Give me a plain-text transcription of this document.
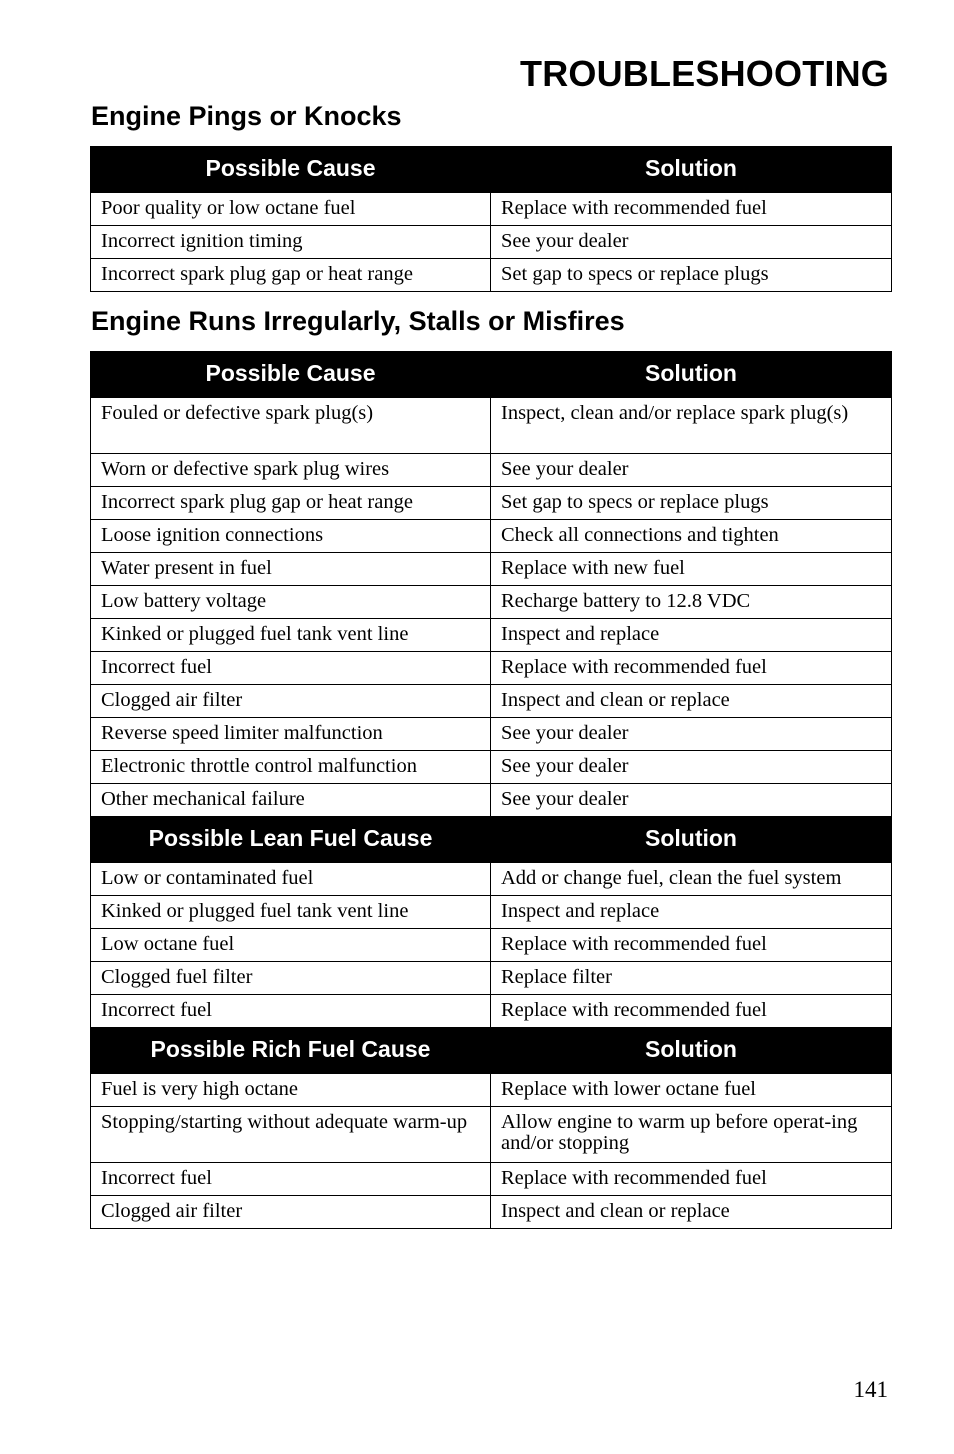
TROUBLESHOOTING
Engine Pings or Knocks
Possible Cause	Solution
Poor quality or low octane fuel	Replace with recommended fuel
Incorrect ignition timing	See your dealer
Incorrect spark plug gap or heat range	Set gap to specs or replace plugs
Engine Runs Irregularly, Stalls or Misfires
Possible Cause	Solution
Fouled or defective spark plug(s)	Inspect, clean and/or replace spark plug(s)
Worn or defective spark plug wires	See your dealer
Incorrect spark plug gap or heat range	Set gap to specs or replace plugs
Loose ignition connections	Check all connections and tighten
Water present in fuel	Replace with new fuel
Low battery voltage	Recharge battery to 12.8 VDC
Kinked or plugged fuel tank vent line	Inspect and replace
Incorrect fuel	Replace with recommended fuel
Clogged air filter	Inspect and clean or replace
Reverse speed limiter malfunction	See your dealer
Electronic throttle control malfunction	See your dealer
Other mechanical failure	See your dealer
Possible Lean Fuel Cause	Solution
Low or contaminated fuel	Add or change fuel, clean the fuel system
Kinked or plugged fuel tank vent line	Inspect and replace
Low octane fuel	Replace with recommended fuel
Clogged fuel filter	Replace filter
Incorrect fuel	Replace with recommended fuel
Possible Rich Fuel Cause	Solution
Fuel is very high octane	Replace with lower octane fuel
Stopping/starting without adequate warm-up	Allow engine to warm up before operat-ing and/or stopping
Incorrect fuel	Replace with recommended fuel
Clogged air filter	Inspect and clean or replace
141
